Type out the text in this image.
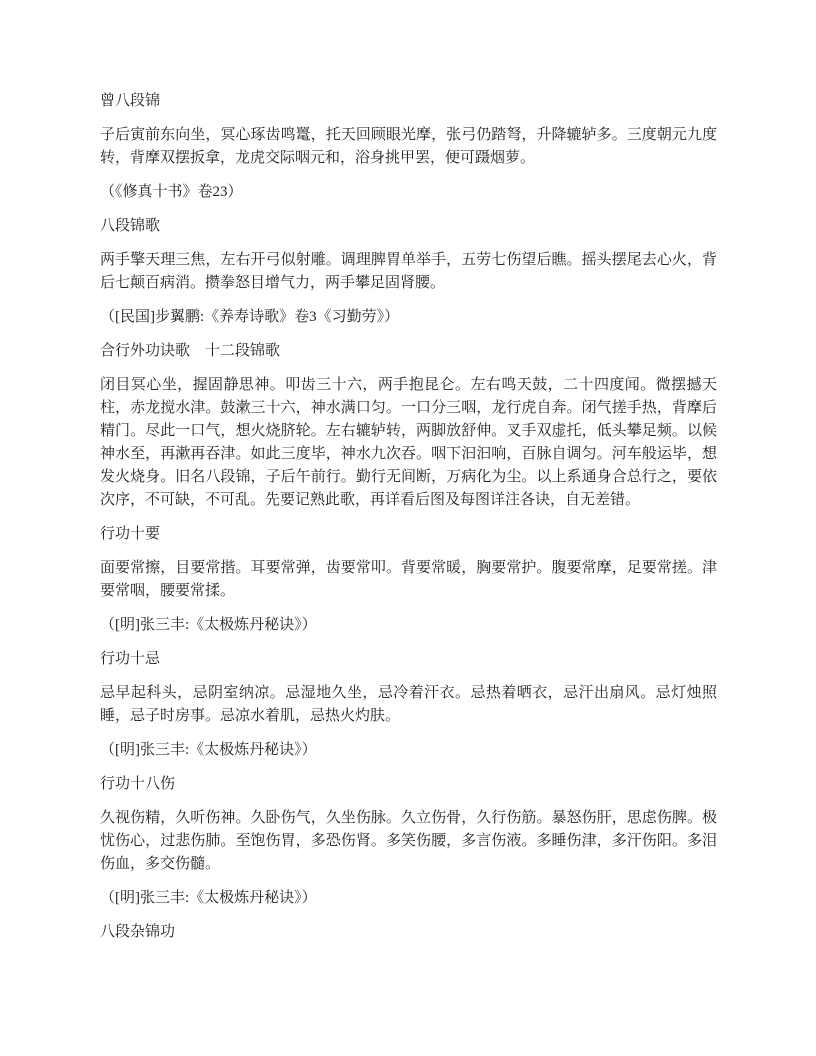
曾八段锦

子后寅前东向坐，冥心琢齿鸣鼍，托天回顾眼光摩，张弓仍踏弩，升降辘轳多。三度朝元九度转，背摩双摆扳拿，龙虎交际咽元和，浴身挑甲罢，便可蹑烟萝。

（《修真十书》卷23）

八段锦歌

两手擎天理三焦，左右开弓似射雕。调理脾胃单举手，五劳七伤望后瞧。摇头摆尾去心火，背后七颠百病消。攒拳怒目增气力，两手攀足固肾腰。

（[民国]步翼鹏:《养寿诗歌》卷3《习勤劳》）

合行外功诀歌　十二段锦歌

闭目冥心坐，握固静思神。叩齿三十六，两手抱昆仑。左右鸣天鼓，二十四度闻。微摆撼天柱，赤龙搅水津。鼓漱三十六，神水满口匀。一口分三咽，龙行虎自奔。闭气搓手热，背摩后精门。尽此一口气，想火烧脐轮。左右辘轳转，两脚放舒伸。叉手双虚托，低头攀足频。以候神水至，再漱再吞津。如此三度毕，神水九次吞。咽下汩汩响，百脉自调匀。河车般运毕，想发火烧身。旧名八段锦，子后午前行。勤行无间断，万病化为尘。以上系通身合总行之，要依次序，不可缺，不可乱。先要记熟此歌，再详看后图及每图详注各诀，自无差错。

行功十要

面要常擦，目要常揩。耳要常弹，齿要常叩。背要常暖，胸要常护。腹要常摩，足要常搓。津要常咽，腰要常揉。

（[明]张三丰:《太极炼丹秘诀》）

行功十忌

忌早起科头，忌阴室纳凉。忌湿地久坐，忌冷着汗衣。忌热着晒衣，忌汗出扇风。忌灯烛照睡，忌子时房事。忌凉水着肌，忌热火灼肤。

（[明]张三丰:《太极炼丹秘诀》）

行功十八伤

久视伤精，久听伤神。久卧伤气，久坐伤脉。久立伤骨，久行伤筋。暴怒伤肝，思虑伤脾。极忧伤心，过悲伤肺。至饱伤胃，多恐伤肾。多笑伤腰，多言伤液。多睡伤津，多汗伤阳。多泪伤血，多交伤髓。

（[明]张三丰:《太极炼丹秘诀》）

八段杂锦功
